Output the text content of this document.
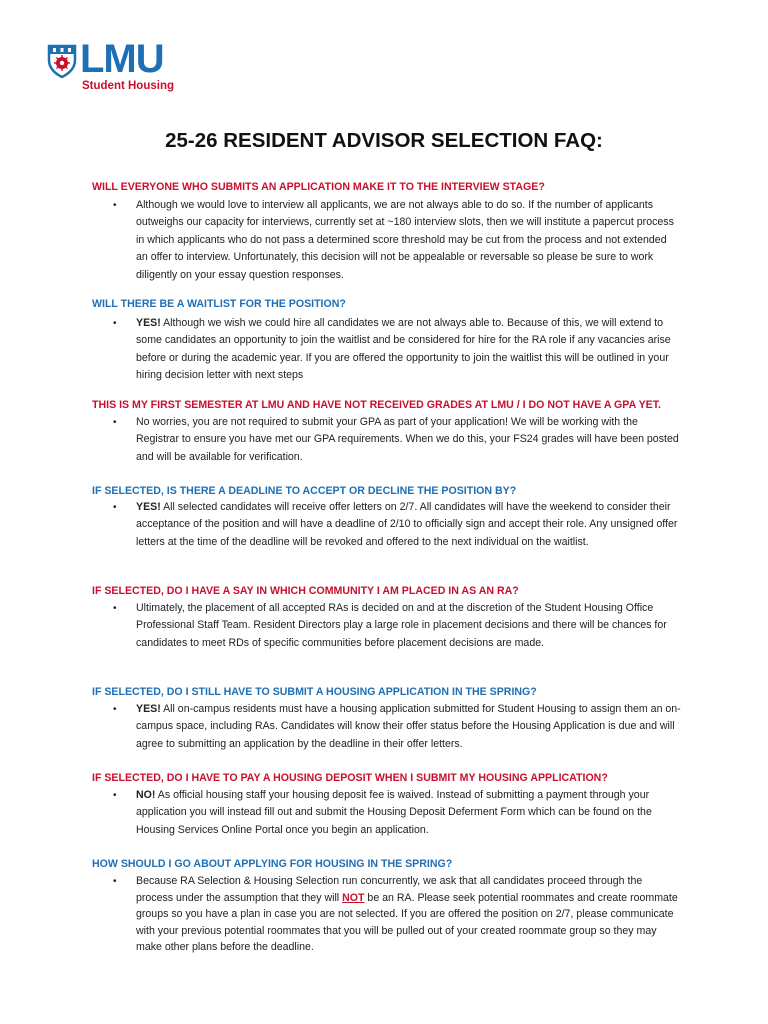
LMU
Student Housing
25-26 RESIDENT ADVISOR SELECTION FAQ:

WILL EVERYONE WHO SUBMITS AN APPLICATION MAKE IT TO THE INTERVIEW STAGE?

• Although we would love to interview all applicants, we are not always able to do so. If the number of applicants outweighs our capacity for interviews, currently set at ~180 interview slots, then we will institute a papercut process in which applicants who do not pass a determined score threshold may be cut from the process and not extended an offer to interview. Unfortunately, this decision will not be appealable or reversable so please be sure to work diligently on your essay question responses.

WILL THERE BE A WAITLIST FOR THE POSITION?

• YES! Although we wish we could hire all candidates we are not always able to. Because of this, we will extend to some candidates an opportunity to join the waitlist and be considered for hire for the RA role if any vacancies arise before or during the academic year. If you are offered the opportunity to join the waitlist this will be outlined in your hiring decision letter with next steps

THIS IS MY FIRST SEMESTER AT LMU AND HAVE NOT RECEIVED GRADES AT LMU / I DO NOT HAVE A GPA YET.

• No worries, you are not required to submit your GPA as part of your application! We will be working with the Registrar to ensure you have met our GPA requirements. When we do this, your FS24 grades will have been posted and will be available for verification.

IF SELECTED, IS THERE A DEADLINE TO ACCEPT OR DECLINE THE POSITION BY?

• YES! All selected candidates will receive offer letters on 2/7. All candidates will have the weekend to consider their acceptance of the position and will have a deadline of 2/10 to officially sign and accept their role. Any unsigned offer letters at the time of the deadline will be revoked and offered to the next individual on the waitlist.

IF SELECTED, DO I HAVE A SAY IN WHICH COMMUNITY I AM PLACED IN AS AN RA?

• Ultimately, the placement of all accepted RAs is decided on and at the discretion of the Student Housing Office Professional Staff Team. Resident Directors play a large role in placement decisions and there will be chances for candidates to meet RDs of specific communities before placement decisions are made.

IF SELECTED, DO I STILL HAVE TO SUBMIT A HOUSING APPLICATION IN THE SPRING?

• YES! All on-campus residents must have a housing application submitted for Student Housing to assign them an on-campus space, including RAs. Candidates will know their offer status before the Housing Application is due and will agree to submitting an application by the deadline in their offer letters.

IF SELECTED, DO I HAVE TO PAY A HOUSING DEPOSIT WHEN I SUBMIT MY HOUSING APPLICATION?

• NO! As official housing staff your housing deposit fee is waived. Instead of submitting a payment through your application you will instead fill out and submit the Housing Deposit Deferment Form which can be found on the Housing Services Online Portal once you begin an application.

HOW SHOULD I GO ABOUT APPLYING FOR HOUSING IN THE SPRING?

• Because RA Selection & Housing Selection run concurrently, we ask that all candidates proceed through the process under the assumption that they will NOT be an RA. Please seek potential roommates and create roommate groups so you have a plan in case you are not selected. If you are offered the position on 2/7, please communicate with your previous potential roommates that you will be pulled out of your created roommate group so they may make other plans before the deadline.
